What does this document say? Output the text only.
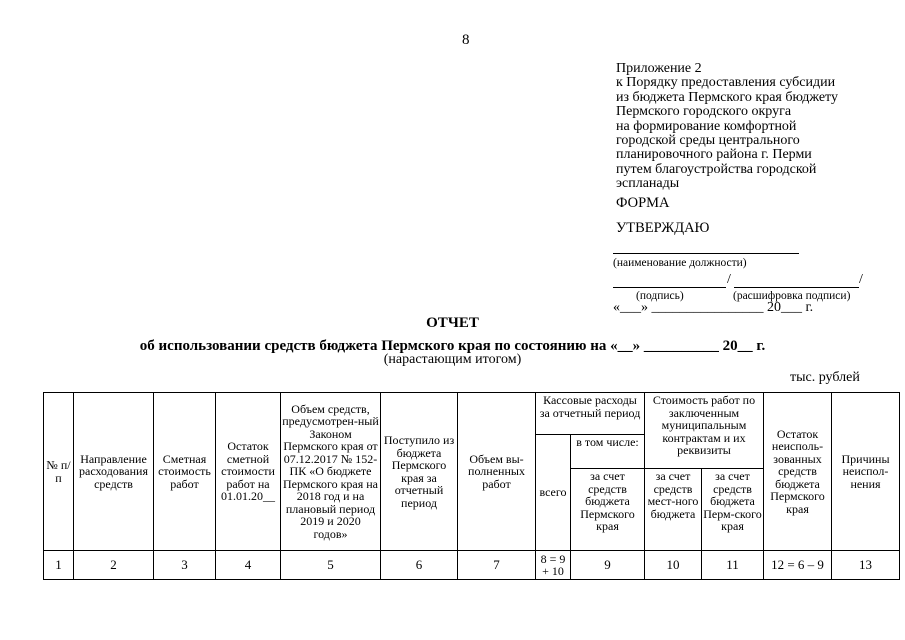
8
Приложение 2
к Порядку предоставления субсидии
из бюджета Пермского края бюджету
Пермского городского округа
на формирование комфортной
городской среды центрального
планировочного района г. Перми
путем благоустройства городской
эспланады
ФОРМА
УТВЕРЖДАЮ
(наименование должности)
/	/
(подпись)	(расшифровка подписи)
«___» ________________ 20___ г.
ОТЧЕТ
об использовании средств бюджета Пермского края по состоянию на «__» __________ 20__ г.
(нарастающим итогом)
тыс. рублей
№ п/п	Направление расходования средств	Сметная стоимость работ	Остаток сметной стоимости работ на 01.01.20__	Объем средств, предусмотрен-ный Законом Пермского края от 07.12.2017 № 152-ПК «О бюджете Пермского края на 2018 год и на плановый период 2019 и 2020 годов»	Поступило из бюджета Пермского края за отчетный период	Объем вы-полненных работ	Кассовые расходы за отчетный период		Стоимость работ по заключенным муниципальным контрактам и их реквизиты		Остаток неисполь-зованных средств бюджета Пермского края	Причины неиспол-нения
							всего	в том числе:				
								за счет средств бюджета Пермского края	за счет средств мест-ного бюджета	за счет средств бюджета Перм-ского края		
1	2	3	4	5	6	7	8 = 9 + 10	9	10	11	12 = 6 – 9	13
